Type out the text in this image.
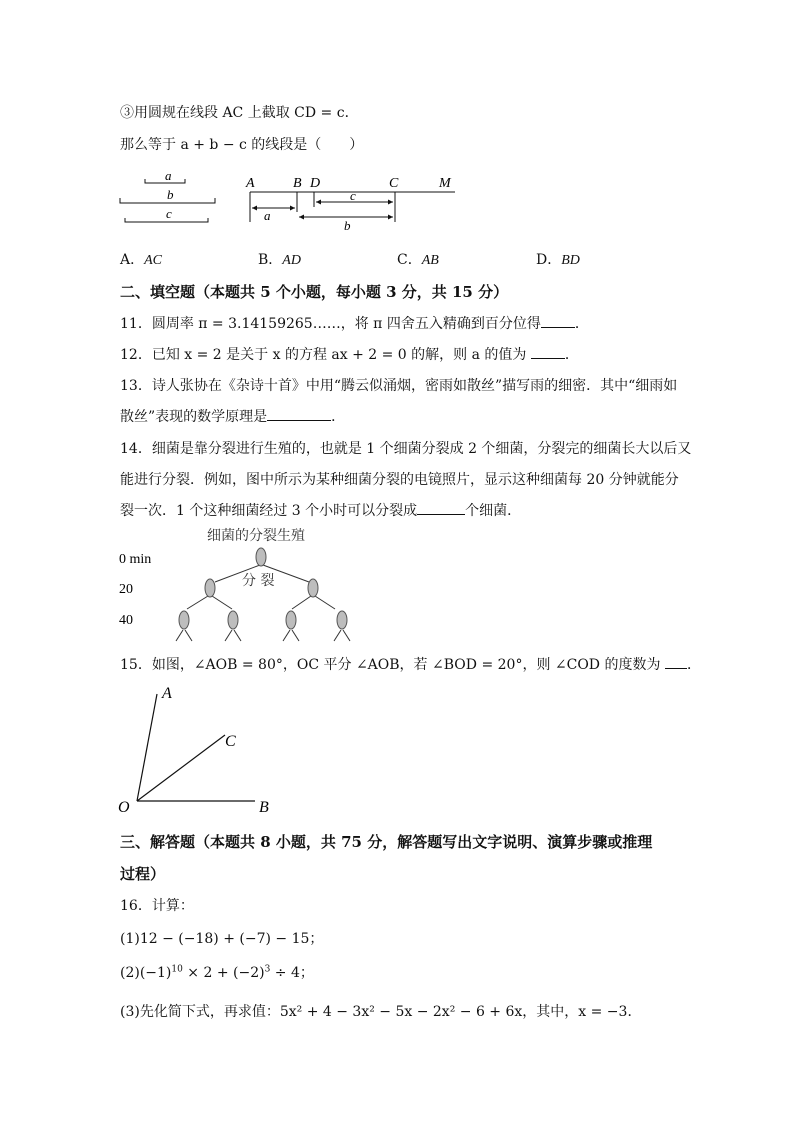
③用圆规在线段 AC 上截取 CD = c．
那么等于 a + b − c 的线段是（　　）
a
b
c
A	B D	C	M
a
c
b
A．AC	B．AD	C．AB	D．BD
二、填空题（本题共 5 个小题，每小题 3 分，共 15 分）
11．圆周率 π = 3.14159265……，将 π 四舍五入精确到百分位得 ．
12．已知 x = 2 是关于 x 的方程 ax + 2 = 0 的解，则 a 的值为 ．
13．诗人张协在《杂诗十首》中用“腾云似涌烟，密雨如散丝”描写雨的细密．其中“细雨如
散丝”表现的数学原理是	．
14．细菌是靠分裂进行生殖的，也就是 1 个细菌分裂成 2 个细菌，分裂完的细菌长大以后又
能进行分裂．例如，图中所示为某种细菌分裂的电镜照片，显示这种细菌每 20 分钟就能分
裂一次．1 个这种细菌经过 3 个小时可以分裂成	个细菌．
细菌的分裂生殖
0 min
20
40
分 裂
15．如图，∠AOB = 80°，OC 平分 ∠AOB，若 ∠BOD = 20°，则 ∠COD 的度数为 ．
A
C
O	B
三、解答题（本题共 8 小题，共 75 分，解答题写出文字说明、演算步骤或推理
过程）
16．计算：
(1)12 − (−18) + (−7) − 15；
$(2)(-1)^{10} \times 2 + (-2)^3 \div 4$；
(3)先化简下式，再求值：5x² + 4 − 3x² − 5x − 2x² − 6 + 6x，其中，x = −3．
